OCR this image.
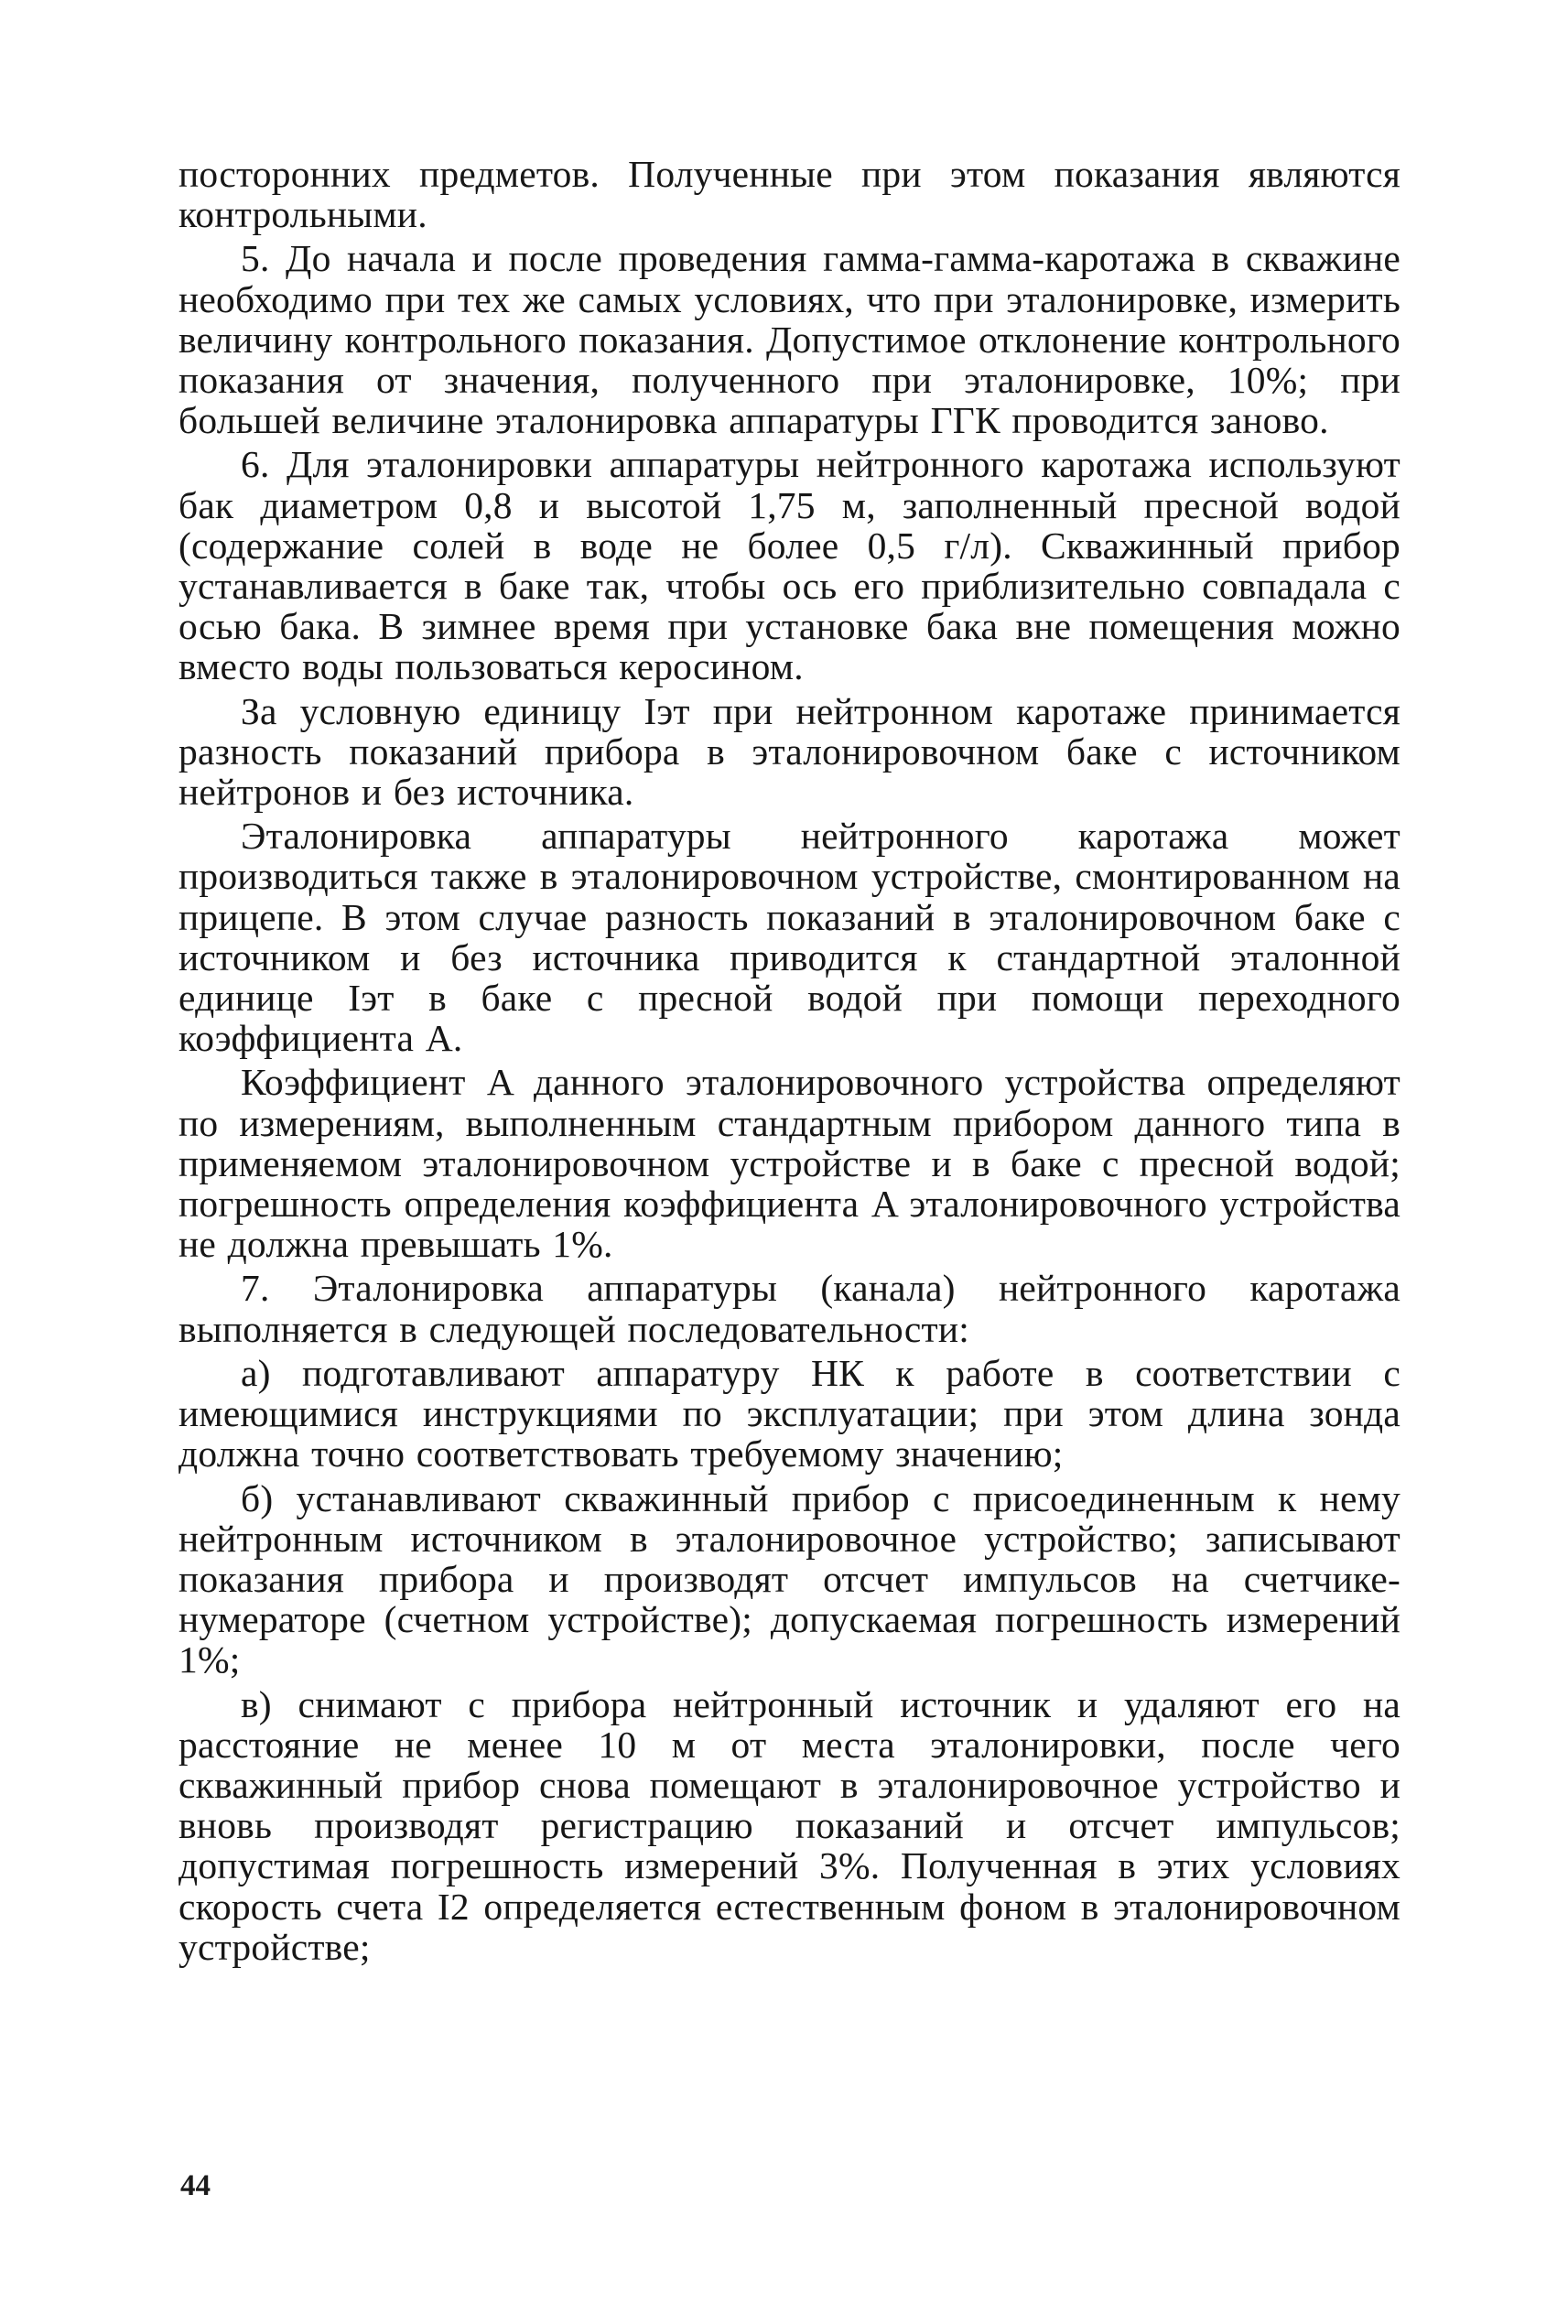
посторонних предметов. Полученные при этом показания являются контрольными.

5. До начала и после проведения гамма-гамма-каротажа в скважине необходимо при тех же самых условиях, что при эталонировке, измерить величину контрольного показания. Допустимое отклонение контрольного показания от значения, полученного при эталонировке, 10%; при большей величине эталонировка аппаратуры ГГК проводится заново.

6. Для эталонировки аппаратуры нейтронного каротажа используют бак диаметром 0,8 и высотой 1,75 м, заполненный пресной водой (содержание солей в воде не более 0,5 г/л). Скважинный прибор устанавливается в баке так, чтобы ось его приблизительно совпадала с осью бака. В зимнее время при установке бака вне помещения можно вместо воды пользоваться керосином.

За условную единицу Iэт при нейтронном каротаже принимается разность показаний прибора в эталонировочном баке с источником нейтронов и без источника.

Эталонировка аппаратуры нейтронного каротажа может производиться также в эталонировочном устройстве, смонтированном на прицепе. В этом случае разность показаний в эталонировочном баке с источником и без источника приводится к стандартной эталонной единице Iэт в баке с пресной водой при помощи переходного коэффициента A.

Коэффициент A данного эталонировочного устройства определяют по измерениям, выполненным стандартным прибором данного типа в применяемом эталонировочном устройстве и в баке с пресной водой; погрешность определения коэффициента A эталонировочного устройства не должна превышать 1%.

7. Эталонировка аппаратуры (канала) нейтронного каротажа выполняется в следующей последовательности:

а) подготавливают аппаратуру НК к работе в соответствии с имеющимися инструкциями по эксплуатации; при этом длина зонда должна точно соответствовать требуемому значению;

б) устанавливают скважинный прибор с присоединенным к нему нейтронным источником в эталонировочное устройство; записывают показания прибора и производят отсчет импульсов на счетчике-нумераторе (счетном устройстве); допускаемая погрешность измерений 1%;

в) снимают с прибора нейтронный источник и удаляют его на расстояние не менее 10 м от места эталонировки, после чего скважинный прибор снова помещают в эталонировочное устройство и вновь производят регистрацию показаний и отсчет импульсов; допустимая погрешность измерений 3%. Полученная в этих условиях скорость счета I2 определяется естественным фоном в эталонировочном устройстве;

44
